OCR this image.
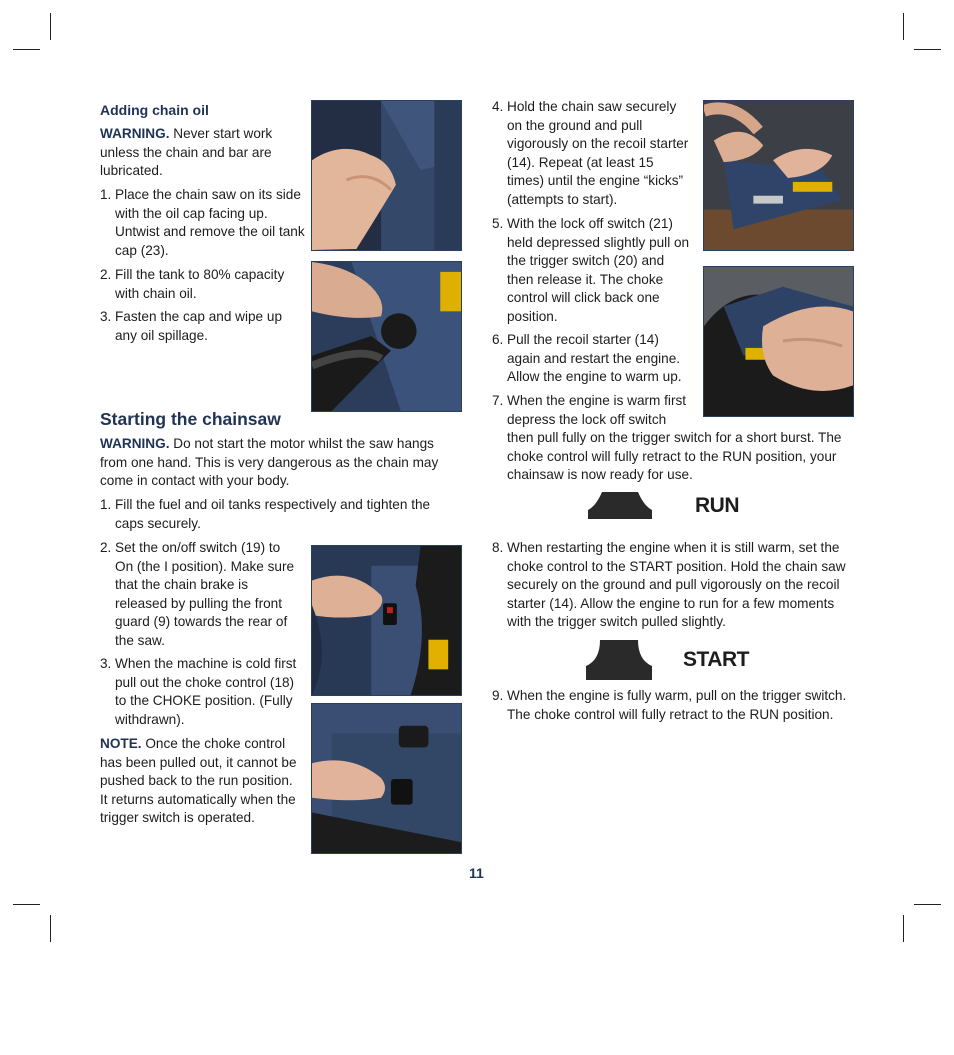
Adding chain oil
WARNING. Never start work unless the chain and bar are lubricated.
1. Place the chain saw on its side with the oil cap facing up. Untwist and remove the oil tank cap (23).
2. Fill the tank to 80% capacity with chain oil.
3. Fasten the cap and wipe up any oil spillage.
Starting the chainsaw
WARNING. Do not start the motor whilst the saw hangs from one hand. This is very dangerous as the chain may come in contact with your body.
1. Fill the fuel and oil tanks respectively and tighten the caps securely.
2. Set the on/off switch (19) to On (the I position). Make sure that the chain brake is released by pulling the front guard (9) towards the rear of the saw.
3. When the machine is cold first pull out the choke control (18) to the CHOKE position. (Fully withdrawn).
NOTE. Once the choke control has been pulled out, it cannot be pushed back to the run position. It returns automatically when the trigger switch is operated.
4. Hold the chain saw securely on the ground and pull vigorously on the recoil starter (14). Repeat (at least 15 times) until the engine “kicks” (attempts to start).
5. With the lock off switch (21) held depressed slightly pull on the trigger switch (20) and then release it. The choke control will click back one position.
6. Pull the recoil starter (14) again and restart the engine. Allow the engine to warm up.
7. When the engine is warm first depress the lock off switch
then pull fully on the trigger switch for a short burst. The choke control will fully retract to the RUN position, your chainsaw is now ready for use.
RUN
8. When restarting the engine when it is still warm, set the choke control to the START position. Hold the chain saw securely on the ground and pull vigorously on the recoil starter (14). Allow the engine to run for a few moments with the trigger switch pulled slightly.
START
9. When the engine is fully warm, pull on the trigger switch. The choke control will fully retract to the RUN position.
11
